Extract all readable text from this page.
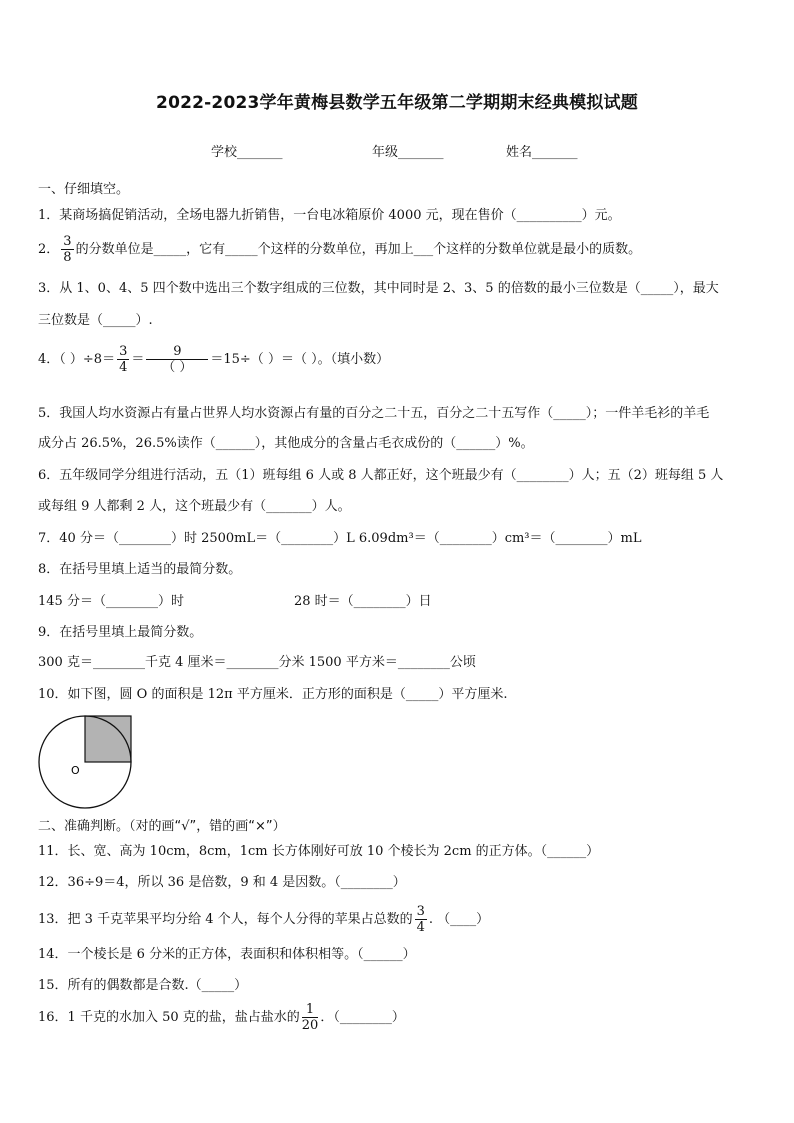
2022-2023学年黄梅县数学五年级第二学期期末经典模拟试题
学校_______	年级_______	姓名_______
一、仔细填空。
1．某商场搞促销活动，全场电器九折销售，一台电冰箱原价 4000 元，现在售价（__________）元。
2． $\frac{3}{8}$ 的分数单位是_____，它有_____个这样的分数单位，再加上___个这样的分数单位就是最小的质数。
3．从 1、0、4、5 四个数中选出三个数字组成的三位数，其中同时是 2、3、5 的倍数的最小三位数是（_____），最大
三位数是（_____）.
4．（ ）$\div 8= \frac{3}{4} = \frac{9}{( )} =15\div$（ ）＝（ ）。（填小数）
5．我国人均水资源占有量占世界人均水资源占有量的百分之二十五，百分之二十五写作（_____）；一件羊毛衫的羊毛
成分占 26.5%，26.5%读作（______），其他成分的含量占毛衣成份的（______）%。
6．五年级同学分组进行活动，五（1）班每组 6 人或 8 人都正好，这个班最少有（________）人；五（2）班每组 5 人
或每组 9 人都剩 2 人，这个班最少有（_______）人。
7．40 分＝（________）时 2500mL＝（________）L 6.09dm³＝（________）cm³＝（________）mL
8．在括号里填上适当的最简分数。
145 分＝（________）时	28 时＝（________）日
9．在括号里填上最简分数。
300 克＝________千克 4 厘米＝________分米 1500 平方米＝________公顷
10．如下图，圆 O 的面积是 12π 平方厘米．正方形的面积是（_____）平方厘米.
O
二、准确判断。（对的画“√”，错的画“×”）
11．长、宽、高为 10cm，8cm，1cm 长方体刚好可放 10 个棱长为 2cm 的正方体。（______）
12．36÷9＝4，所以 36 是倍数，9 和 4 是因数。（________）
13．把 3 千克苹果平均分给 4 个人，每个人分得的苹果占总数的 $\frac{3}{4}$ . （____）
14．一个棱长是 6 分米的正方体，表面积和体积相等。（______）
15．所有的偶数都是合数.（_____）
16．1 千克的水加入 50 克的盐，盐占盐水的 $\frac{1}{20}$ ．（________）
